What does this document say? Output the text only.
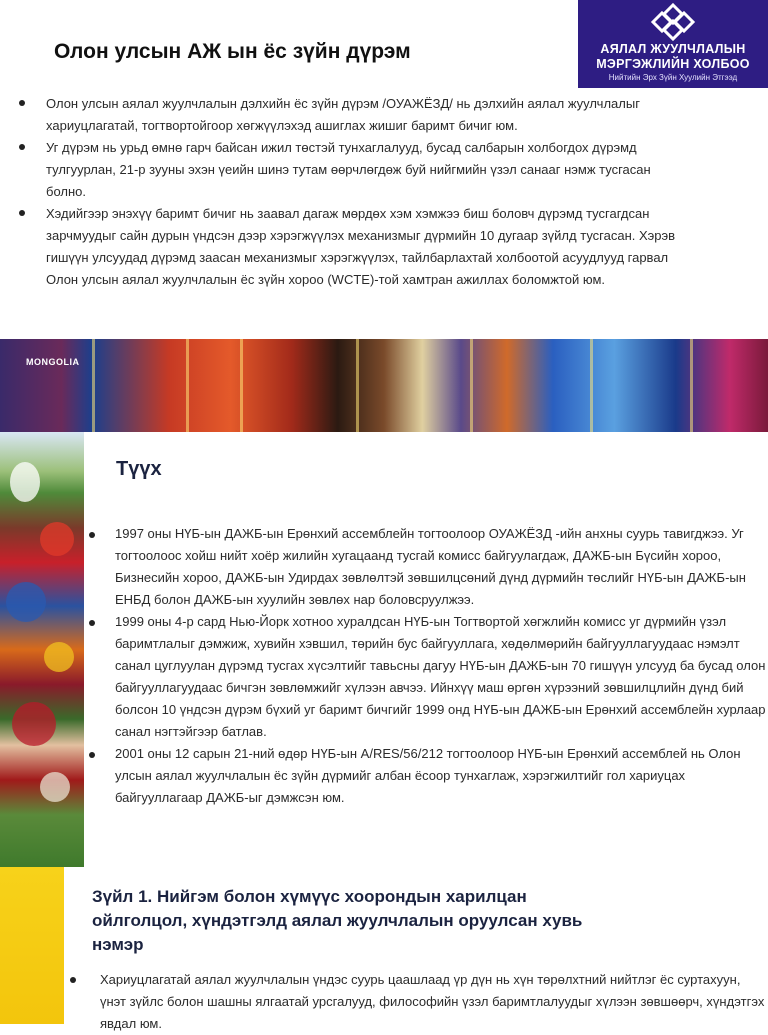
Олон улсын АЖ ын ёс зүйн дүрэм	АЯЛАЛ ЖУУЛЧЛАЛЫН
МЭРГЭЖЛИЙН ХОЛБОО
Нийтийн Эрх Зүйн Хуулийн Этгээд
Олон улсын аялал жуулчлалын дэлхийн ёс зүйн дүрэм /ОУАЖЁЗД/ нь дэлхийн аялал жуулчлалыг хариуцлагатай, тогтвортойгоор хөгжүүлэхэд ашиглах жишиг баримт бичиг юм.
Уг дүрэм нь урьд өмнө гарч байсан ижил төстэй тунхаглалууд, бусад салбарын холбогдох дүрэмд тулгуурлан, 21-р зууны эхэн үеийн шинэ тутам өөрчлөгдөж буй нийгмийн үзэл санааг нэмж тусгасан болно.
Хэдийгээр энэхүү баримт бичиг нь заавал дагаж мөрдөх хэм хэмжээ биш боловч дүрэмд тусгагдсан зарчмуудыг сайн дурын үндсэн дээр хэрэгжүүлэх механизмыг дүрмийн 10 дугаар зүйлд тусгасан. Хэрэв гишүүн улсуудад дүрэмд заасан механизмыг хэрэгжүүлэх, тайлбарлахтай холбоотой асуудлууд гарвал Олон улсын аялал жуулчлалын ёс зүйн хороо (WCTE)-той хамтран ажиллах боломжтой юм.
MONGOLIA
Түүх
1997 оны НҮБ-ын ДАЖБ-ын Ерөнхий ассемблейн тогтоолоор ОУАЖЁЗД -ийн анхны суурь тавигджээ. Уг тогтоолоос хойш нийт хоёр жилийн хугацаанд тусгай комисс байгуулагдаж, ДАЖБ-ын Бүсийн хороо, Бизнесийн хороо, ДАЖБ-ын Удирдах зөвлөлтэй зөвшилцсөний дүнд дүрмийн төслийг НҮБ-ын ДАЖБ-ын ЕНБД болон ДАЖБ-ын хуулийн зөвлөх нар боловсруулжээ.
1999 оны 4-р сард Нью-Йорк хотноо хуралдсан НҮБ-ын Тогтвортой хөгжлийн комисс уг дүрмийн үзэл баримтлалыг дэмжиж, хувийн хэвшил, төрийн бус байгууллага, хөдөлмөрийн байгууллагуудаас нэмэлт санал цуглуулан дүрэмд тусгах хүсэлтийг тавьсны дагуу НҮБ-ын ДАЖБ-ын 70 гишүүн улсууд ба бусад олон байгууллагуудаас бичгэн зөвлөмжийг хүлээн авчээ. Ийнхүү маш өргөн хүрээний зөвшилцлийн дүнд бий болсон 10 үндсэн дүрэм бүхий уг баримт бичгийг 1999 онд НҮБ-ын ДАЖБ-ын Ерөнхий ассемблейн хурлаар санал нэгтэйгээр батлав.
2001 оны 12 сарын 21-ний өдөр НҮБ-ын A/RES/56/212 тогтоолоор НҮБ-ын Ерөнхий ассемблей нь Олон улсын аялал жуулчлалын ёс зүйн дүрмийг албан ёсоор тунхаглаж, хэрэгжилтийг гол хариуцах байгууллагаар ДАЖБ-ыг дэмжсэн юм.
Зүйл 1. Нийгэм болон хүмүүс хоорондын харилцан ойлголцол, хүндэтгэлд аялал жуулчлалын оруулсан хувь нэмэр
Хариуцлагатай аялал жуулчлалын үндэс суурь цаашлаад үр дүн нь хүн төрөлхтний нийтлэг ёс суртахуун, үнэт зүйлс болон шашны ялгаатай урсгалууд, философийн үзэл баримтлалуудыг хүлээн зөвшөөрч, хүндэтгэх явдал юм.
